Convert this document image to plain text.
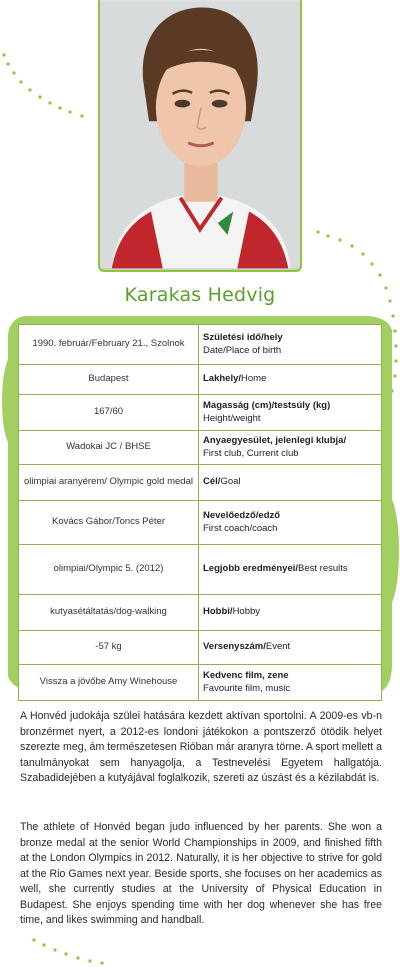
Karakas Hedvig
1990. február/February 21., Szolnok	Születési idő/hely
Date/Place of birth
Budapest	Lakhely/Home
167/60	Magasság (cm)/testsúly (kg)
Height/weight
Wadokai JC / BHSE	Anyaegyesület, jelenlegi klubja/
First club, Current club
olimpiai aranyérem/ Olympic gold medal	Cél/Goal
Kovács Gábor/Toncs Péter	Nevelőedző/edző
First coach/coach
olimpiai/Olympic 5. (2012)	Legjobb eredményei/Best results
kutyasétáltatás/dog-walking	Hobbi/Hobby
-57 kg	Versenyszám/Event
Vissza a jövőbe Amy Winehouse	Kedvenc film, zene
Favourite film, music

A Honvéd judokája szülei hatására kezdett aktívan sportolni. A 2009-es vb-n bronzérmet nyert, a 2012-es londoni játékokon a pontszerző ötödik helyet szerezte meg, ám természetesen Rióban már aranyra törne. A sport mellett a tanulmányokat sem hanyagolja, a Testnevelési Egyetem hallgatója. Szabadidejében a kutyájával foglalkozik, szereti az úszást és a kézilabdát is.

The athlete of Honvéd began judo influenced by her parents. She won a bronze medal at the senior World Championships in 2009, and finished fifth at the London Olympics in 2012. Naturally, it is her objective to strive for gold at the Rio Games next year. Beside sports, she focuses on her academics as well, she currently studies at the University of Physical Education in Budapest. She enjoys spending time with her dog whenever she has free time, and likes swimming and handball.
